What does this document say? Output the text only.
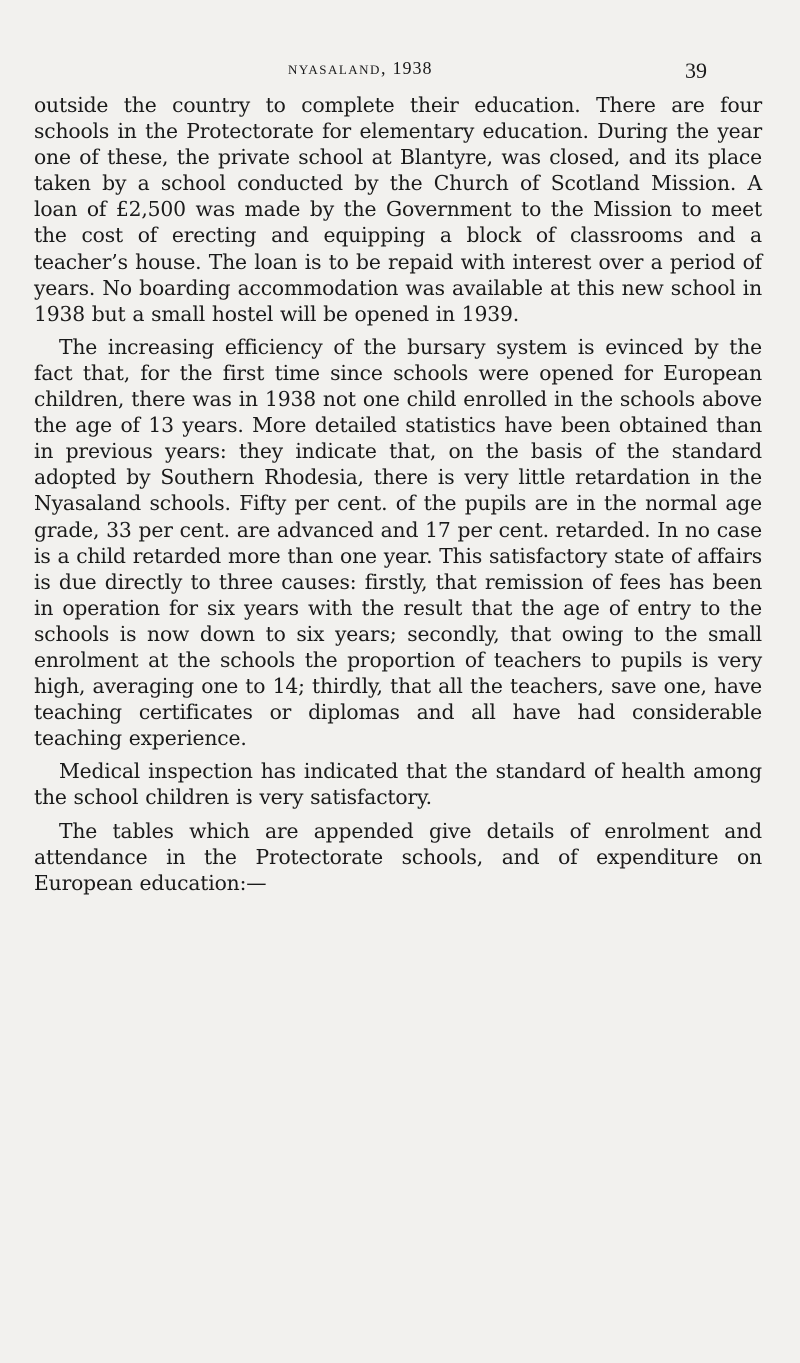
nyasaland, 1938	39

outside the country to complete their education. There are four schools in the Protectorate for elementary education. During the year one of these, the private school at Blantyre, was closed, and its place taken by a school conducted by the Church of Scotland Mission. A loan of £2,500 was made by the Government to the Mission to meet the cost of erecting and equipping a block of classrooms and a teacher’s house. The loan is to be repaid with interest over a period of years. No boarding accommodation was available at this new school in 1938 but a small hostel will be opened in 1939.

The increasing efficiency of the bursary system is evinced by the fact that, for the first time since schools were opened for European children, there was in 1938 not one child enrolled in the schools above the age of 13 years. More detailed statistics have been obtained than in previous years: they indicate that, on the basis of the standard adopted by Southern Rhodesia, there is very little retardation in the Nyasaland schools. Fifty per cent. of the pupils are in the normal age grade, 33 per cent. are advanced and 17 per cent. retarded. In no case is a child retarded more than one year. This satisfactory state of affairs is due directly to three causes: firstly, that remission of fees has been in operation for six years with the result that the age of entry to the schools is now down to six years; secondly, that owing to the small enrolment at the schools the proportion of teachers to pupils is very high, averaging one to 14; thirdly, that all the teachers, save one, have teaching certificates or diplomas and all have had considerable teaching experience.

Medical inspection has indicated that the standard of health among the school children is very satisfactory.

The tables which are appended give details of enrolment and attendance in the Protectorate schools, and of expenditure on European education:—
